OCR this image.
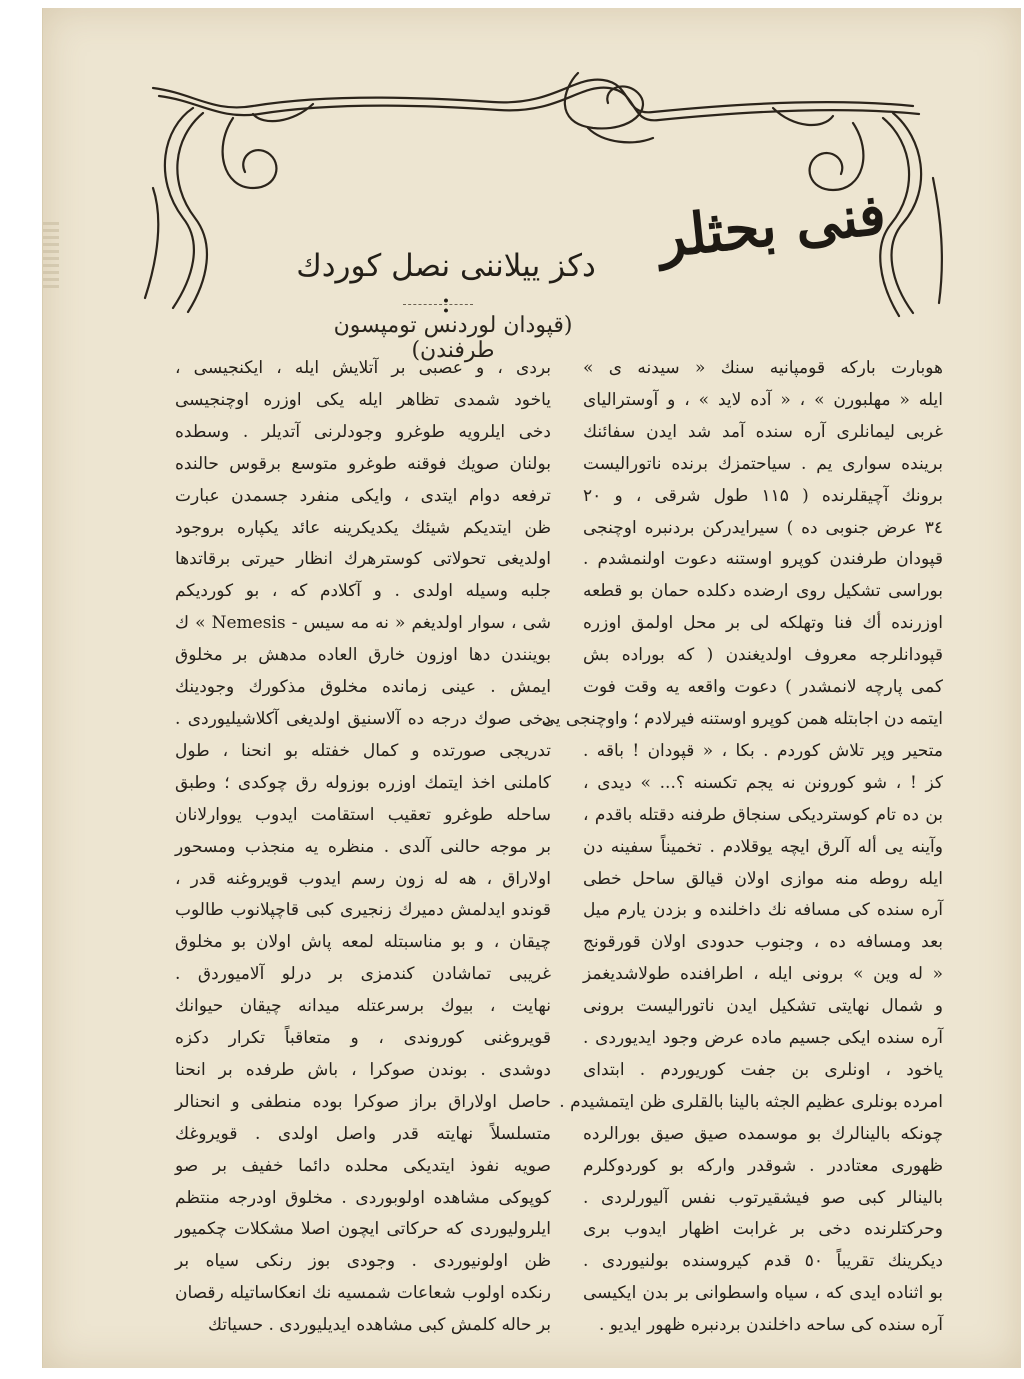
فنی بحثلر
دکز ییلاننی نصل کوردك :
(قپودان لوردنس تومپسون طرفندن)

هوبارت بارکه قومپانیه سنك « سیدنه ی »

ایله « مهلبورن » ، « آده لاید » ، و آوسترالیای

غربی لیمانلری آره سنده آمد شد ایدن سفائنك

برینده سواری یم . سیاحتمزك برنده ناتورالیست

برونك آچیقلرنده ( ۱۱۵ طول شرقی ، و ۲۰

۳٤ عرض جنوبی ده ) سیرایدرکن بردنبره اوچنجی

قپودان طرفندن کوپرو اوستنه دعوت اولنمشدم .

بوراسی تشکیل روی ارضده دکلده حمان بو قطعه

اوزرنده أك فنا وتهلکه لی بر محل اولمق اوزره

قپودانلرجه معروف اولدیغندن ( که بوراده بش

کمی پارچه لانمشدر ) دعوت واقعه یه وقت فوت

ایتمه دن اجابتله همن کوپرو اوستنه فیرلادم ؛ واوچنجی یی

متحیر وپر تلاش کوردم . بکا ، « قپودان ! باقه .

کز ! ، شو کورونن نه یجم تکسنه ؟... » دیدی ،

بن ده تام کوستردیکی سنجاق طرفنه دقتله باقدم ،

وآینه یی أله آلرق ایچه یوقلادم . تخمیناً سفینه دن

ایله روطه منه موازی اولان قیالق ساحل خطی

آره سنده کی مسافه نك داخلنده و بزدن یارم میل

بعد ومسافه ده ، وجنوب حدودی اولان قورقونج

« له وین » برونی ایله ، اطرافنده طولاشدیغمز

و شمال نهایتی تشکیل ایدن ناتورالیست برونی

آره سنده ایکی جسیم ماده عرض وجود ایدیوردی .

یاخود ، اونلری بن جفت کوریوردم . ابتدای

امرده بونلری عظیم الجثه بالینا بالقلری ظن ایتمشیدم .

چونکه بالینالرك بو موسمده صیق صیق بورالرده

ظهوری معتاددر . شوقدر وارکه بو کوردوکلرم

بالینالر کبی صو فیشقیرتوب نفس آلیورلردی .

وحرکتلرنده دخی بر غرابت اظهار ایدوب بری

دیکرینك تقریباً ٥٠ قدم کیروسنده بولنیوردی .

بو اثناده ایدی که ، سیاه واسطوانی بر بدن ایکیسی

آره سنده کی ساحه داخلندن بردنبره ظهور ایدیو .

بردی ، و عصبی بر آتلایش ایله ، ایکنجیسی ،

یاخود شمدی تظاهر ایله یکی اوزره اوچنجیسی

دخی ایلرویه طوغرو وجودلرنی آتدیلر . وسطده

بولنان صویك فوقنه طوغرو متوسع برقوس حالنده

ترفعه دوام ایتدی ، وایکی منفرد جسمدن عبارت

ظن ایتدیکم شیئك یکدیکرینه عائد یکپاره بروجود

اولدیغی تحولاتی کوسترهرك انظار حیرتی برقاتدها

جلبه وسیله اولدی . و آکلادم که ، بو کوردیکم

شی ، سوار اولدیغم « نه مه سیس - Nemesis » ك

بوینندن دها اوزون خارق العاده مدهش بر مخلوق

ایمش . عینی زمانده مخلوق مذکورك وجودینك

دخی صوك درجه ده آلاسنیق اولدیغی آکلاشیلیوردی .

تدریجی صورتده و کمال خفتله بو انحنا ، طول

کاملنی اخذ ایتمك اوزره بوزوله رق چوکدی ؛ وطبق

ساحله طوغرو تعقیب استقامت ایدوب یووارلانان

بر موجه حالنی آلدی . منظره یه منجذب ومسحور

اولاراق ، هه له زون رسم ایدوب قویروغنه قدر ،

قوندو ایدلمش دمیرك زنجیری کبی قاچپلانوب طالوب

چیقان ، و بو مناسبتله لمعه پاش اولان بو مخلوق

غریبی تماشادن کندمزی بر درلو آلامیوردق .

نهایت ، بیوك برسرعتله میدانه چیقان حیوانك

قویروغنی کوروندی ، و متعاقباً تکرار دکزه

دوشدی . بوندن صوکرا ، باش طرفده بر انحنا

حاصل اولاراق براز صوکرا بوده منطفی و انحنالر

متسلسلاً نهایته قدر واصل اولدی . قویروغك

صویه نفوذ ایتدیکی محلده دائما خفیف بر صو

کوپوکی مشاهده اولوبوردی . مخلوق اودرجه منتظم

ایلرولیوردی که حرکاتی ایچون اصلا مشکلات چکمیور

ظن اولونیوردی . وجودی بوز رنکی سیاه بر

رنکده اولوب شعاعات شمسیه نك انعکاساتیله رقصان

بر حاله کلمش کبی مشاهده ایدیلیوردی . حسیاتك
